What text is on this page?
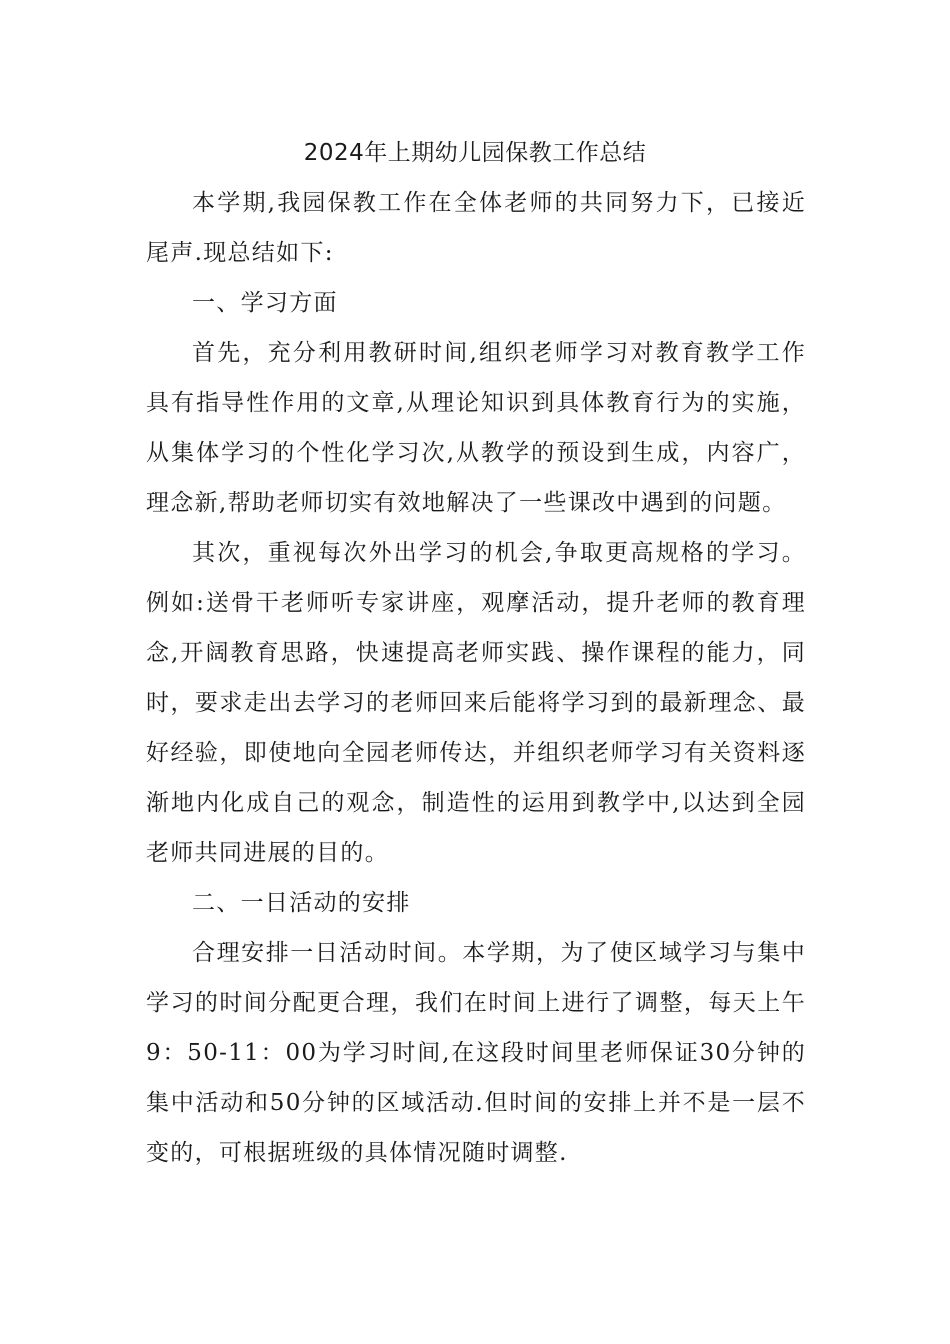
2024年上期幼儿园保教工作总结

本学期,我园保教工作在全体老师的共同努力下，已接近尾声.现总结如下:

一、学习方面

首先，充分利用教研时间,组织老师学习对教育教学工作具有指导性作用的文章,从理论知识到具体教育行为的实施，从集体学习的个性化学习次,从教学的预设到生成，内容广，理念新,帮助老师切实有效地解决了一些课改中遇到的问题。

其次，重视每次外出学习的机会,争取更高规格的学习。例如:送骨干老师听专家讲座，观摩活动，提升老师的教育理念,开阔教育思路，快速提高老师实践、操作课程的能力，同时，要求走出去学习的老师回来后能将学习到的最新理念、最好经验，即使地向全园老师传达，并组织老师学习有关资料逐渐地内化成自己的观念，制造性的运用到教学中,以达到全园老师共同进展的目的。

二、一日活动的安排

合理安排一日活动时间。本学期，为了使区域学习与集中学习的时间分配更合理，我们在时间上进行了调整，每天上午9：50-11：00为学习时间,在这段时间里老师保证30分钟的集中活动和50分钟的区域活动.但时间的安排上并不是一层不变的，可根据班级的具体情况随时调整.
